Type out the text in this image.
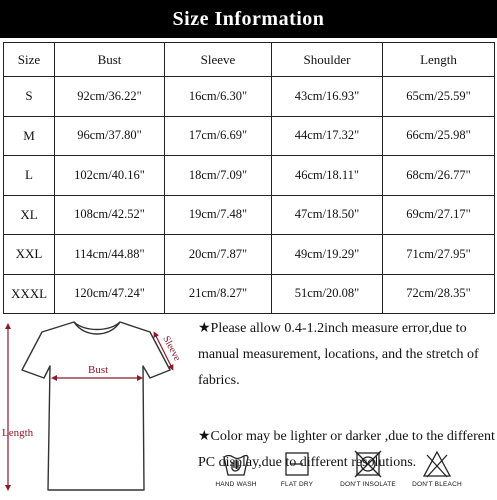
Size Information
Size	Bust	Sleeve	Shoulder	Length
S	92cm/36.22"	16cm/6.30"	43cm/16.93"	65cm/25.59"
M	96cm/37.80"	17cm/6.69"	44cm/17.32"	66cm/25.98"
L	102cm/40.16"	18cm/7.09"	46cm/18.11"	68cm/26.77"
XL	108cm/42.52"	19cm/7.48"	47cm/18.50"	69cm/27.17"
XXL	114cm/44.88"	20cm/7.87"	49cm/19.29"	71cm/27.95"
XXXL	120cm/47.24"	21cm/8.27"	51cm/20.08"	72cm/28.35"
Length
Bust
Sleeve
★Please allow 0.4-1.2inch measure error,due to manual measurement, locations, and the stretch of fabrics.
★Color may be lighter or darker ,due to the different PC display,due to different resolutions.
HAND WASH	FLAT DRY	DON'T INSOLATE DON'T BLEACH
